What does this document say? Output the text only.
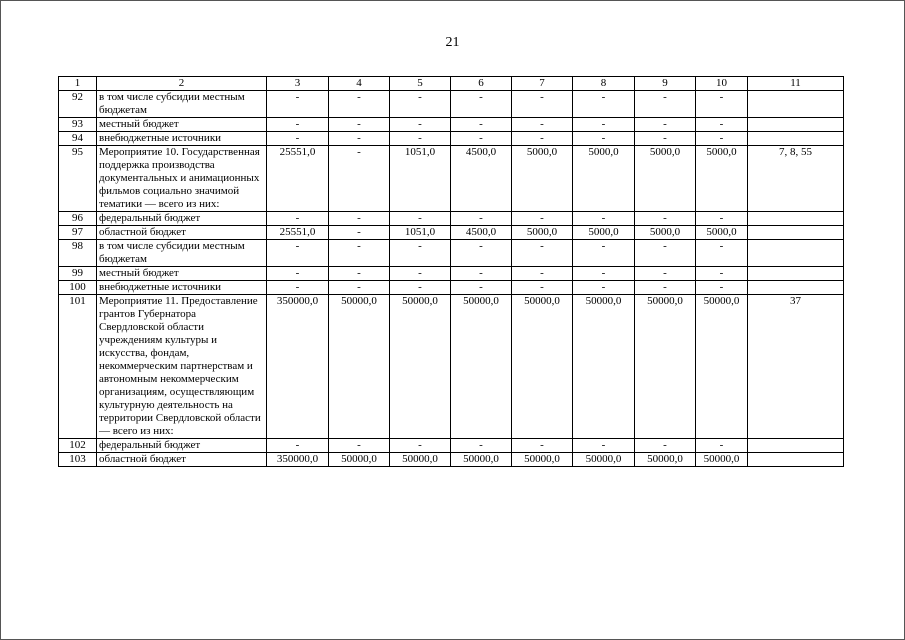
21
1	2	3	4	5	6	7	8	9	10	11
92	в том числе субсидии местным бюджетам	-	-	-	-	-	-	-	-	
93	местный бюджет	-	-	-	-	-	-	-	-	
94	внебюджетные источники	-	-	-	-	-	-	-	-	
95	Мероприятие 10. Государственная поддержка производства документальных и анимационных фильмов социально значимой тематики — всего из них:	25551,0	-	1051,0	4500,0	5000,0	5000,0	5000,0	5000,0	7, 8, 55
96	федеральный бюджет	-	-	-	-	-	-	-	-	
97	областной бюджет	25551,0	-	1051,0	4500,0	5000,0	5000,0	5000,0	5000,0	
98	в том числе субсидии местным бюджетам	-	-	-	-	-	-	-	-	
99	местный бюджет	-	-	-	-	-	-	-	-	
100	внебюджетные источники	-	-	-	-	-	-	-	-	
101	Мероприятие 11. Предоставление грантов Губернатора Свердловской области учреждениям культуры и искусства, фондам, некоммерческим партнерствам и автономным некоммерческим организациям, осуществляющим культурную деятельность на территории Свердловской области — всего из них:	350000,0	50000,0	50000,0	50000,0	50000,0	50000,0	50000,0	50000,0	37
102	федеральный бюджет	-	-	-	-	-	-	-	-	
103	областной бюджет	350000,0	50000,0	50000,0	50000,0	50000,0	50000,0	50000,0	50000,0	
